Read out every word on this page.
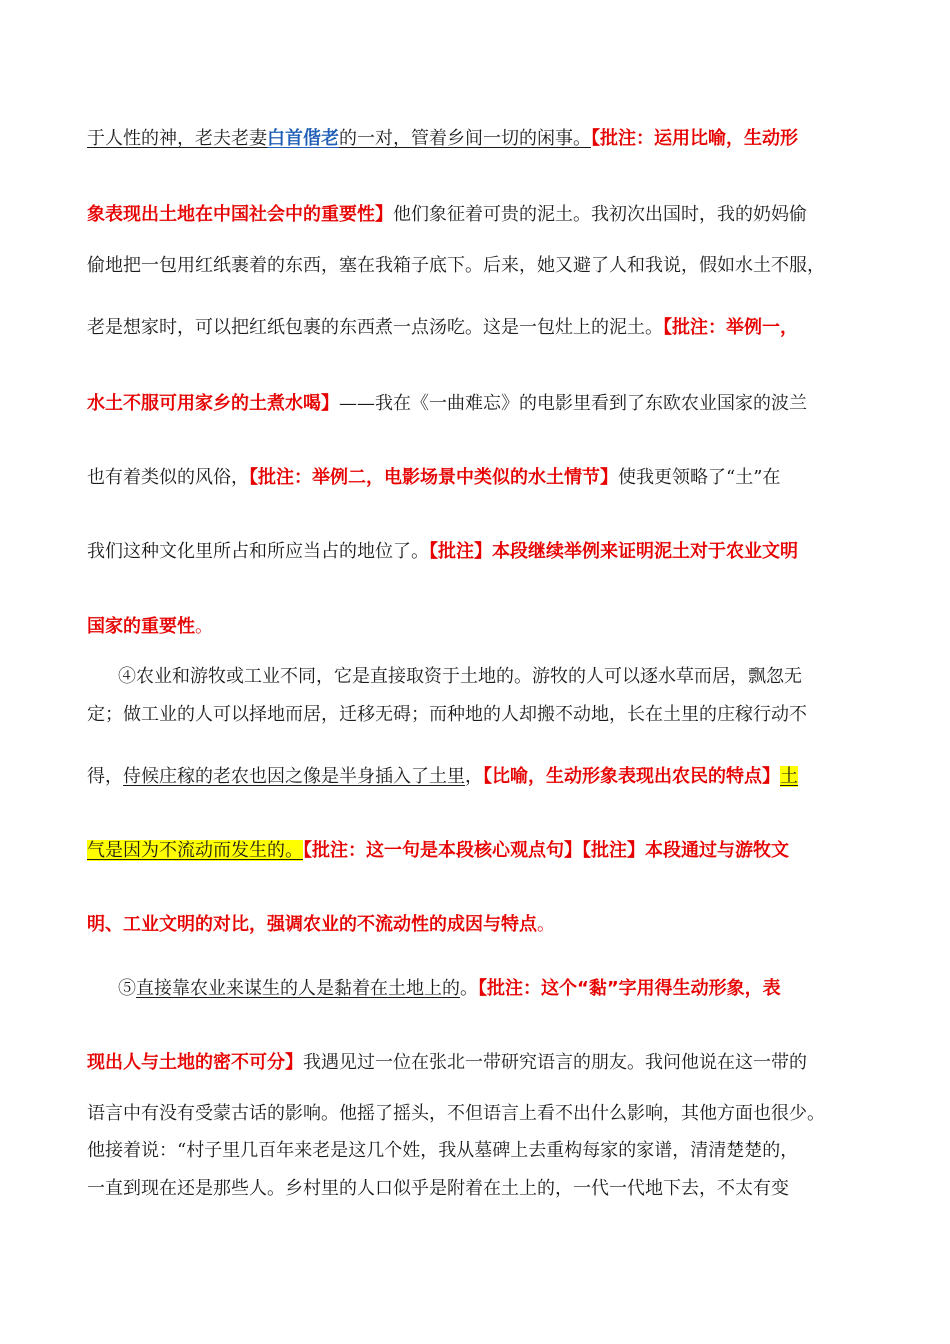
于人性的神，老夫老妻白首偕老的一对，管着乡间一切的闲事。【批注：运用比喻，生动形
象表现出土地在中国社会中的重要性】他们象征着可贵的泥土。我初次出国时，我的奶妈偷
偷地把一包用红纸裹着的东西，塞在我箱子底下。后来，她又避了人和我说，假如水土不服，
老是想家时，可以把红纸包裹的东西煮一点汤吃。这是一包灶上的泥土。【批注：举例一，
水土不服可用家乡的土煮水喝】——我在《一曲难忘》的电影里看到了东欧农业国家的波兰
也有着类似的风俗，【批注：举例二，电影场景中类似的水土情节】使我更领略了“土”在
我们这种文化里所占和所应当占的地位了。【批注】本段继续举例来证明泥土对于农业文明
国家的重要性。
④农业和游牧或工业不同，它是直接取资于土地的。游牧的人可以逐水草而居，飘忽无
定；做工业的人可以择地而居，迁移无碍；而种地的人却搬不动地，长在土里的庄稼行动不
得，侍候庄稼的老农也因之像是半身插入了土里，【比喻，生动形象表现出农民的特点】土
气是因为不流动而发生的。【批注：这一句是本段核心观点句】【批注】本段通过与游牧文
明、工业文明的对比，强调农业的不流动性的成因与特点。
⑤直接靠农业来谋生的人是黏着在土地上的。【批注：这个“黏”字用得生动形象，表
现出人与土地的密不可分】我遇见过一位在张北一带研究语言的朋友。我问他说在这一带的
语言中有没有受蒙古话的影响。他摇了摇头，不但语言上看不出什么影响，其他方面也很少。
他接着说：“村子里几百年来老是这几个姓，我从墓碑上去重构每家的家谱，清清楚楚的，
一直到现在还是那些人。乡村里的人口似乎是附着在土上的，一代一代地下去，不太有变
